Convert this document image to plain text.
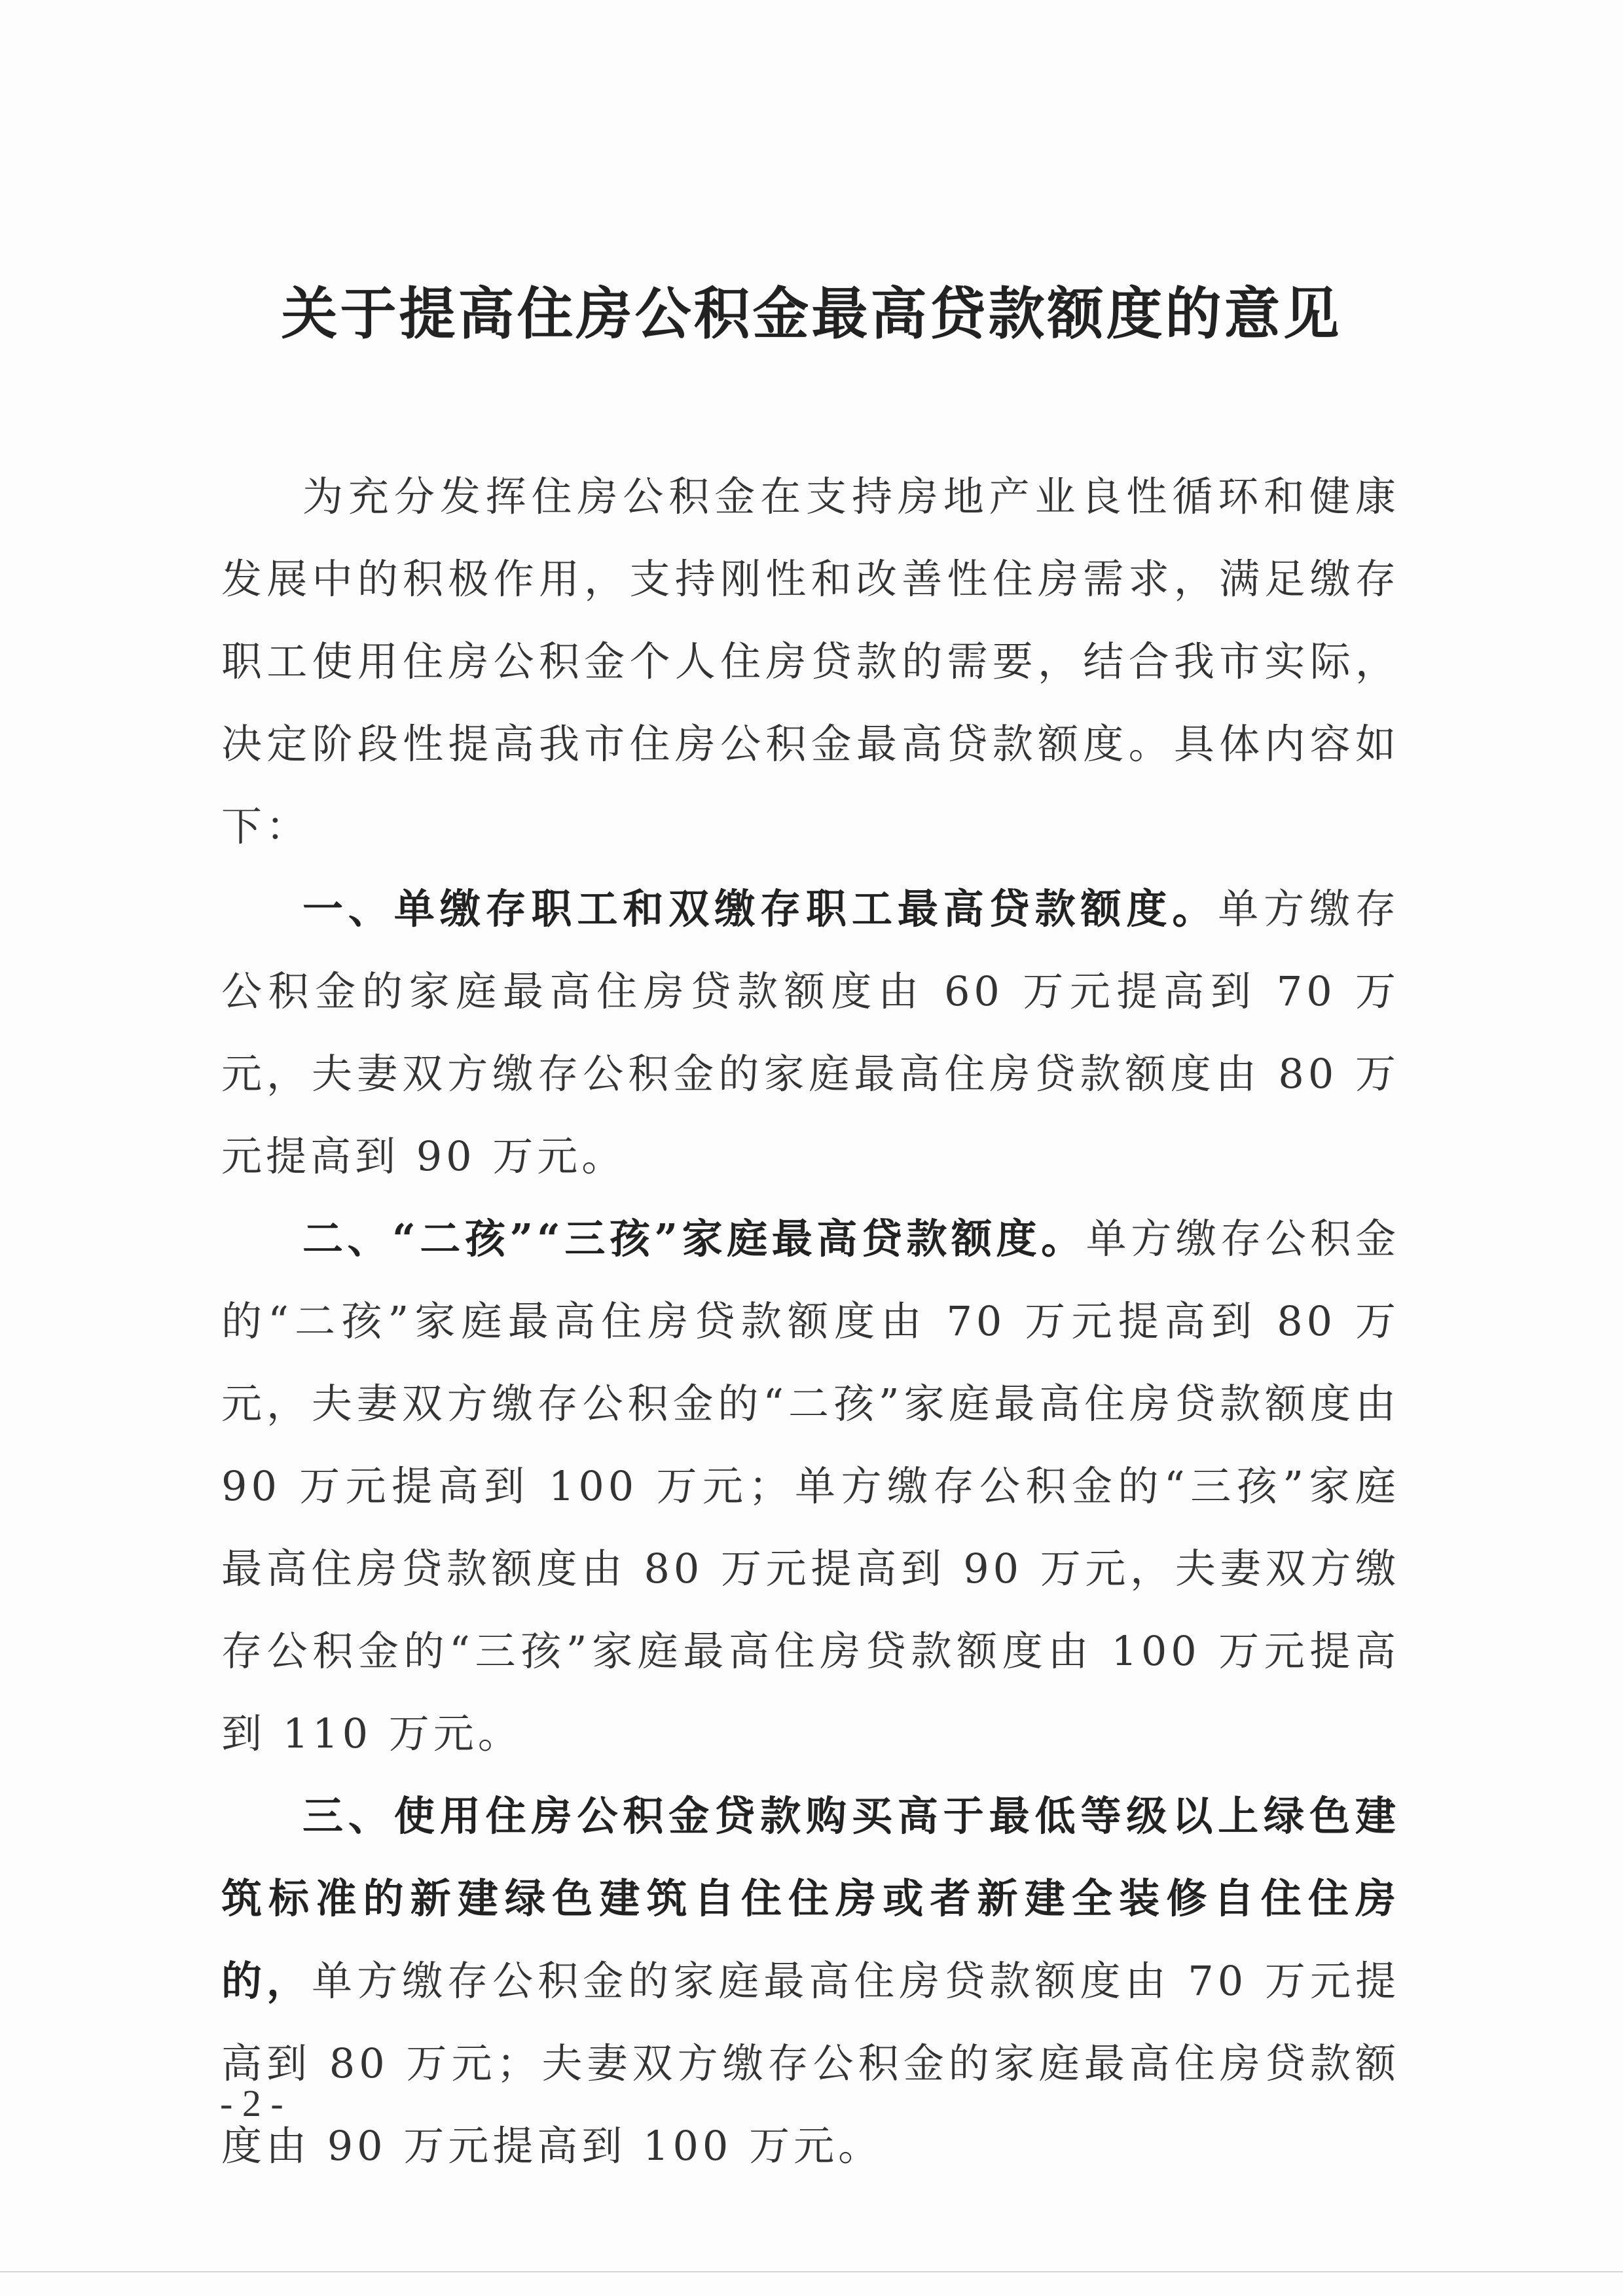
关于提高住房公积金最高贷款额度的意见

为充分发挥住房公积金在支持房地产业良性循环和健康发展中的积极作用，支持刚性和改善性住房需求，满足缴存职工使用住房公积金个人住房贷款的需要，结合我市实际，决定阶段性提高我市住房公积金最高贷款额度。具体内容如下：

一、单缴存职工和双缴存职工最高贷款额度。单方缴存公积金的家庭最高住房贷款额度由 60 万元提高到 70 万元，夫妻双方缴存公积金的家庭最高住房贷款额度由 80 万元提高到 90 万元。

二、“二孩”“三孩”家庭最高贷款额度。单方缴存公积金的“二孩”家庭最高住房贷款额度由 70 万元提高到 80 万元，夫妻双方缴存公积金的“二孩”家庭最高住房贷款额度由 90 万元提高到 100 万元；单方缴存公积金的“三孩”家庭最高住房贷款额度由 80 万元提高到 90 万元，夫妻双方缴存公积金的“三孩”家庭最高住房贷款额度由 100 万元提高到 110 万元。

三、使用住房公积金贷款购买高于最低等级以上绿色建筑标准的新建绿色建筑自住住房或者新建全装修自住住房的，单方缴存公积金的家庭最高住房贷款额度由 70 万元提高到 80 万元；夫妻双方缴存公积金的家庭最高住房贷款额度由 90 万元提高到 100 万元。

- 2 -
